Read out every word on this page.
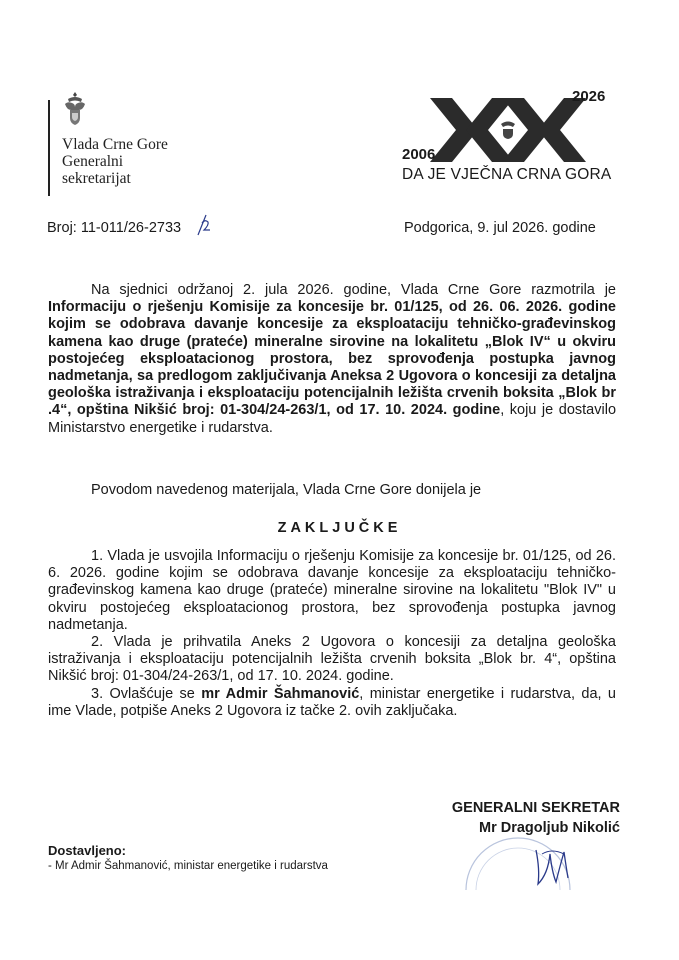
Vlada Crne Gore
Generalni
sekretarijat
2026
2006
DA JE VJEČNA CRNA GORA
Broj: 11-011/26-2733	Podgorica, 9. jul 2026. godine
Na sjednici održanoj 2. jula 2026. godine, Vlada Crne Gore razmotrila je Informaciju o rješenju Komisije za koncesije br. 01/125, od 26. 06. 2026. godine kojim se odobrava davanje koncesije za eksploataciju tehničko-građevinskog kamena kao druge (prateće) mineralne sirovine na lokalitetu „Blok IV“ u okviru postojećeg eksploatacionog prostora, bez sprovođenja postupka javnog nadmetanja, sa predlogom zaključivanja Aneksa 2 Ugovora o koncesiji za detaljna geološka istraživanja i eksploataciju potencijalnih ležišta crvenih boksita „Blok br .4“, opština Nikšić broj: 01-304/24-263/1, od 17. 10. 2024. godine, koju je dostavilo Ministarstvo energetike i rudarstva.
Povodom navedenog materijala, Vlada Crne Gore donijela je
ZAKLJUČKE
1. Vlada je usvojila Informaciju o rješenju Komisije za koncesije br. 01/125, od 26. 6. 2026. godine kojim se odobrava davanje koncesije za eksploataciju tehničko-građevinskog kamena kao druge (prateće) mineralne sirovine na lokalitetu "Blok IV" u okviru postojećeg eksploatacionog prostora, bez sprovođenja postupka javnog nadmetanja.
2. Vlada je prihvatila Aneks 2 Ugovora o koncesiji za detaljna geološka istraživanja i eksploataciju potencijalnih ležišta crvenih boksita „Blok br. 4“, opština Nikšić broj: 01-304/24-263/1, od 17. 10. 2024. godine.
3. Ovlašćuje se mr Admir Šahmanović, ministar energetike i rudarstva, da, u ime Vlade, potpiše Aneks 2 Ugovora iz tačke 2. ovih zaključaka.
GENERALNI SEKRETAR
Mr Dragoljub Nikolić
Dostavljeno:
- Mr Admir Šahmanović, ministar energetike i rudarstva
